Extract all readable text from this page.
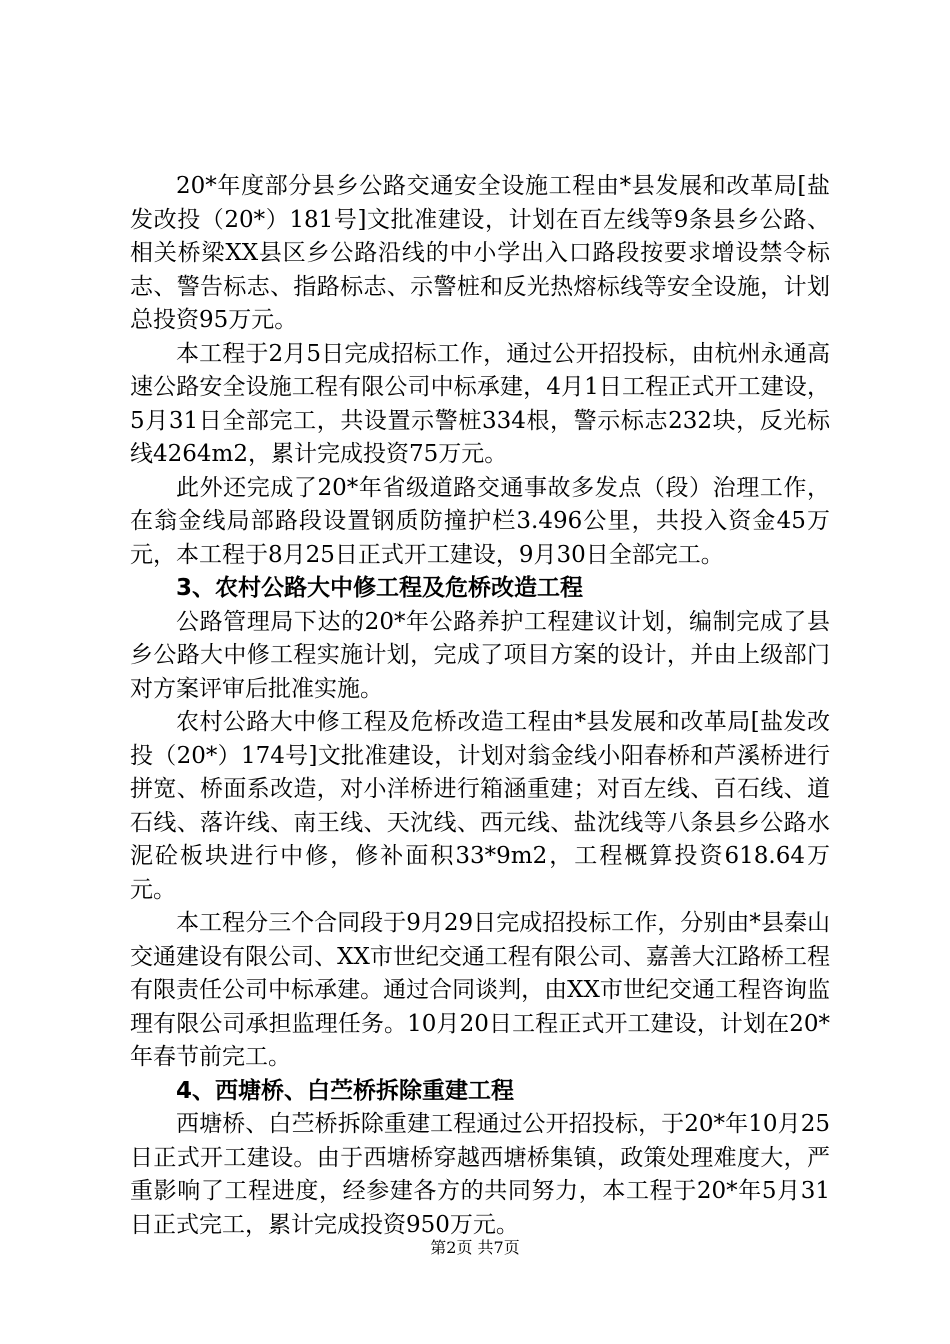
20*年度部分县乡公路交通安全设施工程由*县发展和改革局[盐发改投（20*）181号]文批准建设，计划在百左线等9条县乡公路、相关桥梁XX县区乡公路沿线的中小学出入口路段按要求增设禁令标志、警告标志、指路标志、示警桩和反光热熔标线等安全设施，计划总投资95万元。

本工程于2月5日完成招标工作，通过公开招投标，由杭州永通高速公路安全设施工程有限公司中标承建，4月1日工程正式开工建设，5月31日全部完工，共设置示警桩334根，警示标志232块，反光标线4264m2，累计完成投资75万元。

此外还完成了20*年省级道路交通事故多发点（段）治理工作，在翁金线局部路段设置钢质防撞护栏3.496公里，共投入资金45万元，本工程于8月25日正式开工建设，9月30日全部完工。

3、农村公路大中修工程及危桥改造工程

公路管理局下达的20*年公路养护工程建议计划，编制完成了县乡公路大中修工程实施计划，完成了项目方案的设计，并由上级部门对方案评审后批准实施。

农村公路大中修工程及危桥改造工程由*县发展和改革局[盐发改投（20*）174号]文批准建设，计划对翁金线小阳春桥和芦溪桥进行拼宽、桥面系改造，对小洋桥进行箱涵重建；对百左线、百石线、道石线、落许线、南王线、天沈线、西元线、盐沈线等八条县乡公路水泥砼板块进行中修，修补面积33*9m2，工程概算投资618.64万元。

本工程分三个合同段于9月29日完成招投标工作，分别由*县秦山交通建设有限公司、XX市世纪交通工程有限公司、嘉善大江路桥工程有限责任公司中标承建。通过合同谈判，由XX市世纪交通工程咨询监理有限公司承担监理任务。10月20日工程正式开工建设，计划在20*年春节前完工。

4、西塘桥、白苎桥拆除重建工程

西塘桥、白苎桥拆除重建工程通过公开招投标，于20*年10月25日正式开工建设。由于西塘桥穿越西塘桥集镇，政策处理难度大，严重影响了工程进度，经参建各方的共同努力，本工程于20*年5月31日正式完工，累计完成投资950万元。

第2页 共7页
